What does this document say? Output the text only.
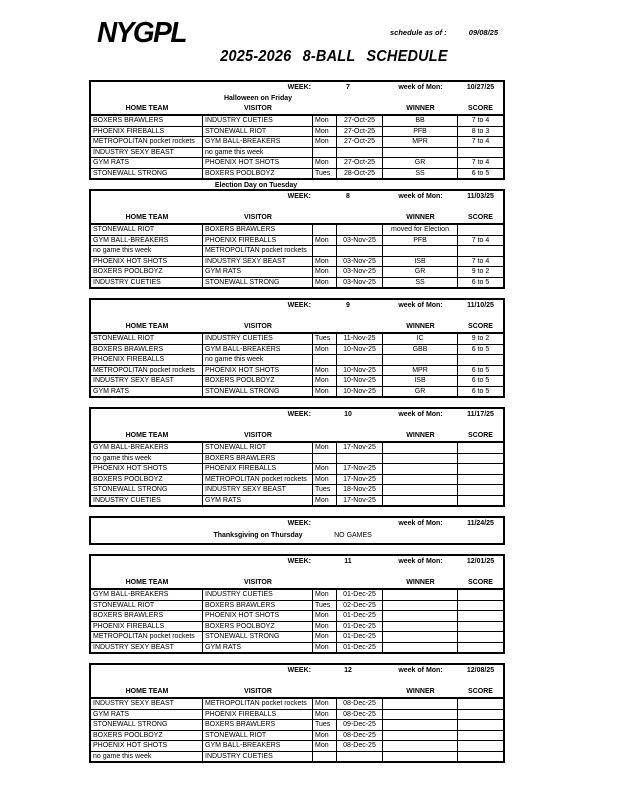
NYGPL	schedule as of :	09/08/25
2025-2026 8-BALL SCHEDULE
WEEK:	7	week of Mon:	10/27/25
Halloween on Friday
HOME TEAM	VISITOR	WINNER	SCORE
BOXERS BRAWLERS	INDUSTRY CUETIES	Mon	27-Oct-25	BB	7 to 4
PHOENIX FIREBALLS	STONEWALL RIOT	Mon	27-Oct-25	PFB	8 to 3
METROPOLITAN pocket rockets	GYM BALL-BREAKERS	Mon	27-Oct-25	MPR	7 to 4
INDUSTRY SEXY BEAST	no game this week
GYM RATS	PHOENIX HOT SHOTS	Mon	27-Oct-25	GR	7 to 4
STONEWALL STRONG	BOXERS POOLBOYZ	Tues	28-Oct-25	SS	6 to 5
Election Day on Tuesday
WEEK:	8	week of Mon:	11/03/25
HOME TEAM	VISITOR	WINNER	SCORE
STONEWALL RIOT	BOXERS BRAWLERS	moved for Election
GYM BALL-BREAKERS	PHOENIX FIREBALLS	Mon	03-Nov-25	PFB	7 to 4
no game this week	METROPOLITAN pocket rockets
PHOENIX HOT SHOTS	INDUSTRY SEXY BEAST	Mon	03-Nov-25	ISB	7 to 4
BOXERS POOLBOYZ	GYM RATS	Mon	03-Nov-25	GR	9 to 2
INDUSTRY CUETIES	STONEWALL STRONG	Mon	03-Nov-25	SS	6 to 5
WEEK:	9	week of Mon:	11/10/25
HOME TEAM	VISITOR	WINNER	SCORE
STONEWALL RIOT	INDUSTRY CUETIES	Tues	11-Nov-25	IC	9 to 2
BOXERS BRAWLERS	GYM BALL-BREAKERS	Mon	10-Nov-25	GBB	6 to 5
PHOENIX FIREBALLS	no game this week
METROPOLITAN pocket rockets	PHOENIX HOT SHOTS	Mon	10-Nov-25	MPR	6 to 5
INDUSTRY SEXY BEAST	BOXERS POOLBOYZ	Mon	10-Nov-25	ISB	6 to 5
GYM RATS	STONEWALL STRONG	Mon	10-Nov-25	GR	6 to 5
WEEK:	10	week of Mon:	11/17/25
HOME TEAM	VISITOR	WINNER	SCORE
GYM BALL-BREAKERS	STONEWALL RIOT	Mon	17-Nov-25
no game this week	BOXERS BRAWLERS
PHOENIX HOT SHOTS	PHOENIX FIREBALLS	Mon	17-Nov-25
BOXERS POOLBOYZ	METROPOLITAN pocket rockets	Mon	17-Nov-25
STONEWALL STRONG	INDUSTRY SEXY BEAST	Tues	18-Nov-25
INDUSTRY CUETIES	GYM RATS	Mon	17-Nov-25
WEEK:	week of Mon:	11/24/25
Thanksgiving on Thursday	NO GAMES
WEEK:	11	week of Mon:	12/01/25
HOME TEAM	VISITOR	WINNER	SCORE
GYM BALL-BREAKERS	INDUSTRY CUETIES	Mon	01-Dec-25
STONEWALL RIOT	BOXERS BRAWLERS	Tues	02-Dec-25
BOXERS BRAWLERS	PHOENIX HOT SHOTS	Mon	01-Dec-25
PHOENIX FIREBALLS	BOXERS POOLBOYZ	Mon	01-Dec-25
METROPOLITAN pocket rockets	STONEWALL STRONG	Mon	01-Dec-25
INDUSTRY SEXY BEAST	GYM RATS	Mon	01-Dec-25
WEEK:	12	week of Mon:	12/08/25
HOME TEAM	VISITOR	WINNER	SCORE
INDUSTRY SEXY BEAST	METROPOLITAN pocket rockets	Mon	08-Dec-25
GYM RATS	PHOENIX FIREBALLS	Mon	08-Dec-25
STONEWALL STRONG	BOXERS BRAWLERS	Tues	09-Dec-25
BOXERS POOLBOYZ	STONEWALL RIOT	Mon	08-Dec-25
PHOENIX HOT SHOTS	GYM BALL-BREAKERS	Mon	08-Dec-25
no game this week	INDUSTRY CUETIES
